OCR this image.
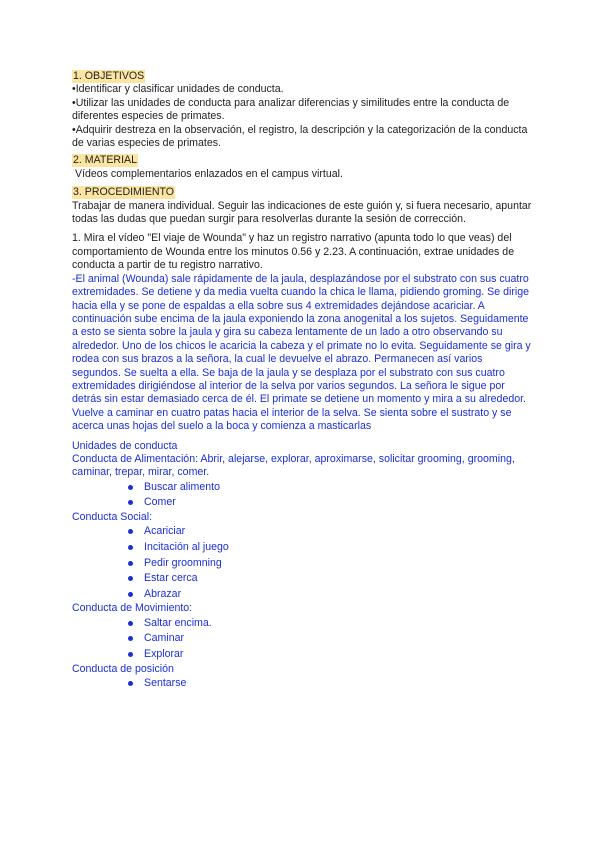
1. OBJETIVOS

•Identificar y clasificar unidades de conducta.

•Utilizar las unidades de conducta para analizar diferencias y similitudes entre la conducta de diferentes especies de primates.

•Adquirir destreza en la observación, el registro, la descripción y la categorización de la conducta de varias especies de primates.

2. MATERIAL

Vídeos complementarios enlazados en el campus virtual.

3. PROCEDIMIENTO

Trabajar de manera individual. Seguir las indicaciones de este guión y, si fuera necesario, apuntar todas las dudas que puedan surgir para resolverlas durante la sesión de corrección.

1. Mira el vídeo "El viaje de Wounda" y haz un registro narrativo (apunta todo lo que veas) del comportamiento de Wounda entre los minutos 0.56 y 2.23. A continuación, extrae unidades de conducta a partir de tu registro narrativo.

-El animal (Wounda) sale rápidamente de la jaula, desplazándose por el substrato con sus cuatro extremidades. Se detiene y da media vuelta cuando la chica le llama, pidiendo groming. Se dirige hacia ella y se pone de espaldas a ella sobre sus 4 extremidades dejándose acariciar. A continuación sube encima de la jaula exponiendo la zona anogenital a los sujetos. Seguidamente a esto se sienta sobre la jaula y gira su cabeza lentamente de un lado a otro observando su alrededor. Uno de los chicos le acaricia la cabeza y el primate no lo evita. Seguidamente se gira y rodea con sus brazos a la señora, la cual le devuelve el abrazo. Permanecen así varios segundos. Se suelta a ella. Se baja de la jaula y se desplaza por el substrato con sus cuatro extremidades dirigiéndose al interior de la selva por varios segundos. La señora le sigue por detrás sin estar demasiado cerca de él. El primate se detiene un momento y mira a su alrededor. Vuelve a caminar en cuatro patas hacia el interior de la selva. Se sienta sobre el sustrato y se acerca unas hojas del suelo a la boca y comienza a masticarlas

Unidades de conducta

Conducta de Alimentación: Abrir, alejarse, explorar, aproximarse, solicitar grooming, grooming, caminar, trepar, mirar, comer.

Buscar alimento
Comer

Conducta Social:

Acariciar
Incitación al juego
Pedir groomning
Estar cerca
Abrazar

Conducta de Movimiento:

Saltar encima.
Caminar
Explorar

Conducta de posición

Sentarse
